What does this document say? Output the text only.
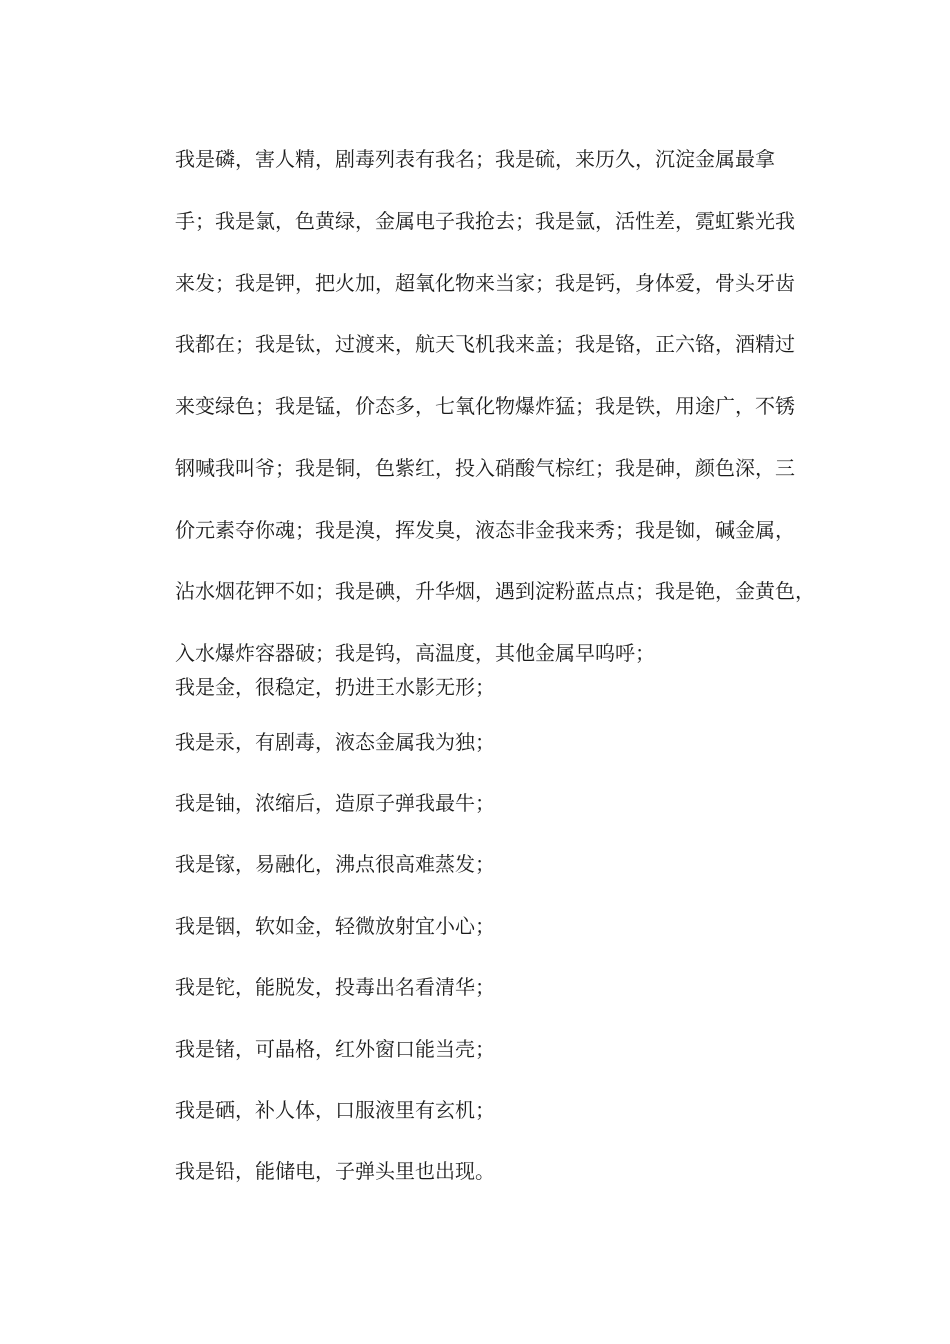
我是磷，害人精，剧毒列表有我名；我是硫，来历久，沉淀金属最拿
手；我是氯，色黄绿，金属电子我抢去；我是氩，活性差，霓虹紫光我
来发；我是钾，把火加，超氧化物来当家；我是钙，身体爱，骨头牙齿
我都在；我是钛，过渡来，航天飞机我来盖；我是铬，正六铬，酒精过
来变绿色；我是锰，价态多，七氧化物爆炸猛；我是铁，用途广，不锈
钢喊我叫爷；我是铜，色紫红，投入硝酸气棕红；我是砷，颜色深，三
价元素夺你魂；我是溴，挥发臭，液态非金我来秀；我是铷，碱金属，
沾水烟花钾不如；我是碘，升华烟，遇到淀粉蓝点点；我是铯，金黄色，
入水爆炸容器破；我是钨，高温度，其他金属早呜呼；
我是金，很稳定，扔进王水影无形；
我是汞，有剧毒，液态金属我为独；
我是铀，浓缩后，造原子弹我最牛；
我是镓，易融化，沸点很高难蒸发；
我是铟，软如金，轻微放射宜小心；
我是铊，能脱发，投毒出名看清华；
我是锗，可晶格，红外窗口能当壳；
我是硒，补人体，口服液里有玄机；
我是铅，能储电，子弹头里也出现。
